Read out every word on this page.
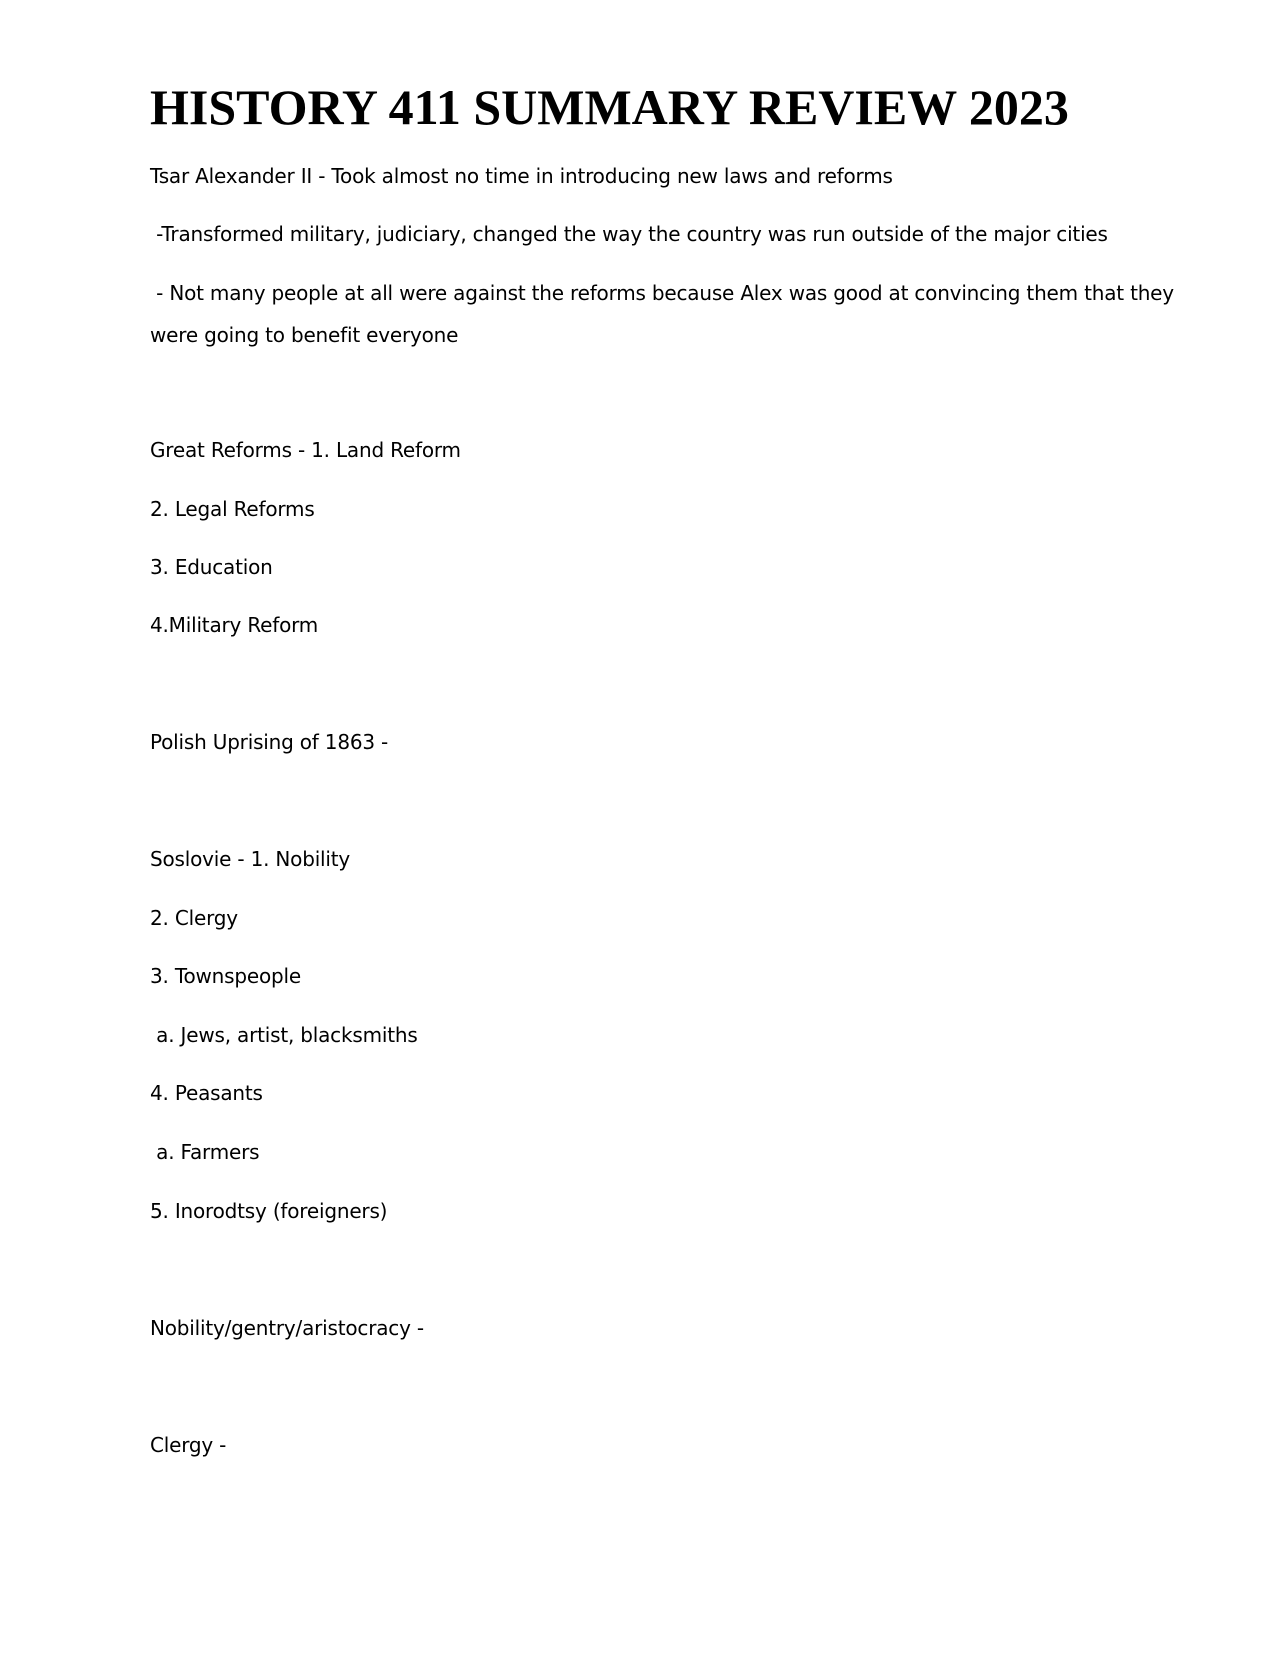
HISTORY 411 SUMMARY REVIEW 2023

Tsar Alexander II - Took almost no time in introducing new laws and reforms

-Transformed military, judiciary, changed the way the country was run outside of the major cities

- Not many people at all were against the reforms because Alex was good at convincing them that they

were going to benefit everyone

Great Reforms - 1. Land Reform

2. Legal Reforms

3. Education

4.Military Reform

Polish Uprising of 1863 -

Soslovie - 1. Nobility

2. Clergy

3. Townspeople

a. Jews, artist, blacksmiths

4. Peasants

a. Farmers

5. Inorodtsy (foreigners)

Nobility/gentry/aristocracy -

Clergy -
